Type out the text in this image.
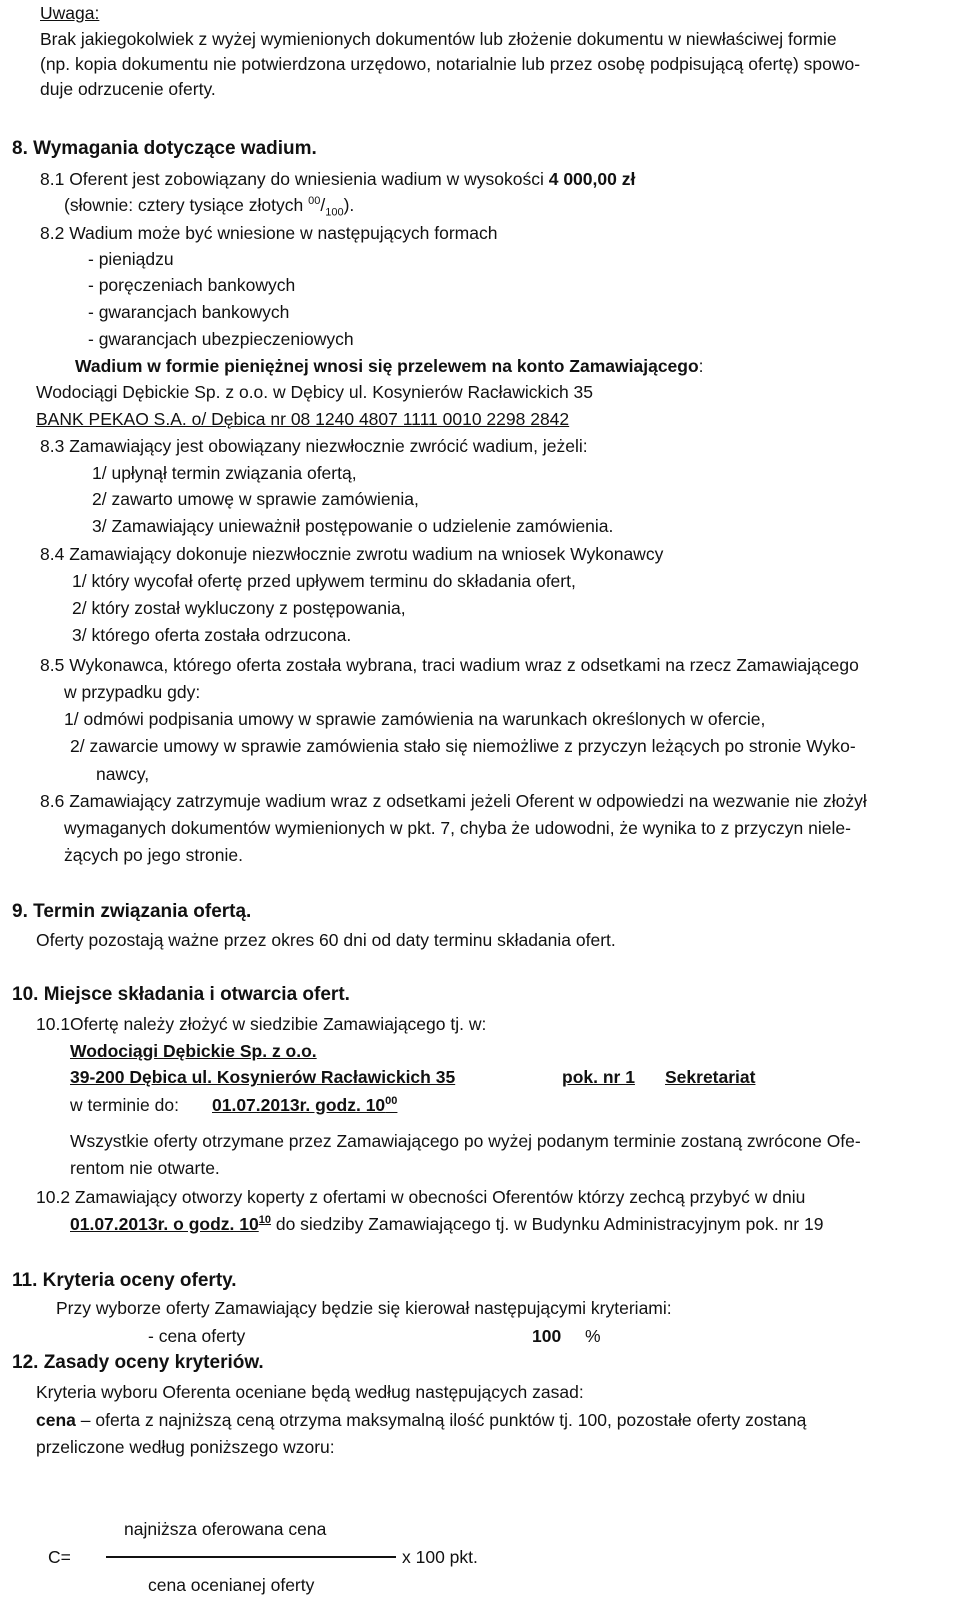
Uwaga:
Brak jakiegokolwiek z wyżej wymienionych dokumentów lub złożenie dokumentu w niewłaściwej formie
(np. kopia dokumentu nie potwierdzona urzędowo, notarialnie lub przez osobę podpisującą ofertę) spowo-
duje odrzucenie oferty.
8. Wymagania dotyczące wadium.
8.1 Oferent jest zobowiązany do wniesienia wadium w wysokości 4 000,00 zł
(słownie: cztery tysiące złotych $^{00}/_{100}$).
8.2 Wadium może być wniesione w następujących formach
- pieniądzu
- poręczeniach bankowych
- gwarancjach bankowych
- gwarancjach ubezpieczeniowych
Wadium w formie pieniężnej wnosi się przelewem na konto Zamawiającego:
Wodociągi Dębickie Sp. z o.o. w Dębicy ul. Kosynierów Racławickich 35
BANK PEKAO S.A. o/ Dębica nr 08 1240 4807 1111 0010 2298 2842
8.3 Zamawiający jest obowiązany niezwłocznie zwrócić wadium, jeżeli:
1/ upłynął termin związania ofertą,
2/ zawarto umowę w sprawie zamówienia,
3/ Zamawiający unieważnił postępowanie o udzielenie zamówienia.
8.4 Zamawiający dokonuje niezwłocznie zwrotu wadium na wniosek Wykonawcy
1/ który wycofał ofertę przed upływem terminu do składania ofert,
2/ który został wykluczony z postępowania,
3/ którego oferta została odrzucona.
8.5 Wykonawca, którego oferta została wybrana, traci wadium wraz z odsetkami na rzecz Zamawiającego
w przypadku gdy:
1/ odmówi podpisania umowy w sprawie zamówienia na warunkach określonych w ofercie,
2/ zawarcie umowy w sprawie zamówienia stało się niemożliwe z przyczyn leżących po stronie Wyko-
nawcy,
8.6 Zamawiający zatrzymuje wadium wraz z odsetkami jeżeli Oferent w odpowiedzi na wezwanie nie złożył
wymaganych dokumentów wymienionych w pkt. 7, chyba że udowodni, że wynika to z przyczyn niele-
żących po jego stronie.
9. Termin związania ofertą.
Oferty pozostają ważne przez okres 60 dni od daty terminu składania ofert.
10. Miejsce składania i otwarcia ofert.
10.1Ofertę należy złożyć w siedzibie Zamawiającego tj. w:
Wodociągi Dębickie Sp. z o.o.
39-200 Dębica ul. Kosynierów Racławickich 35	pok. nr 1 Sekretariat
w terminie do: 01.07.2013r. godz. $10^{00}$
Wszystkie oferty otrzymane przez Zamawiającego po wyżej podanym terminie zostaną zwrócone Ofe-
rentom nie otwarte.
10.2 Zamawiający otworzy koperty z ofertami w obecności Oferentów którzy zechcą przybyć w dniu
01.07.2013r. o godz. $10^{10}$ do siedziby Zamawiającego tj. w Budynku Administracyjnym pok. nr 19
11. Kryteria oceny oferty.
Przy wyborze oferty Zamawiający będzie się kierował następującymi kryteriami:
- cena oferty	100 %
12. Zasady oceny kryteriów.
Kryteria wyboru Oferenta oceniane będą według następujących zasad:
cena – oferta z najniższą ceną otrzyma maksymalną ilość punktów tj. 100, pozostałe oferty zostaną
przeliczone według poniższego wzoru:
najniższa oferowana cena
C=	x 100 pkt.
cena ocenianej oferty
